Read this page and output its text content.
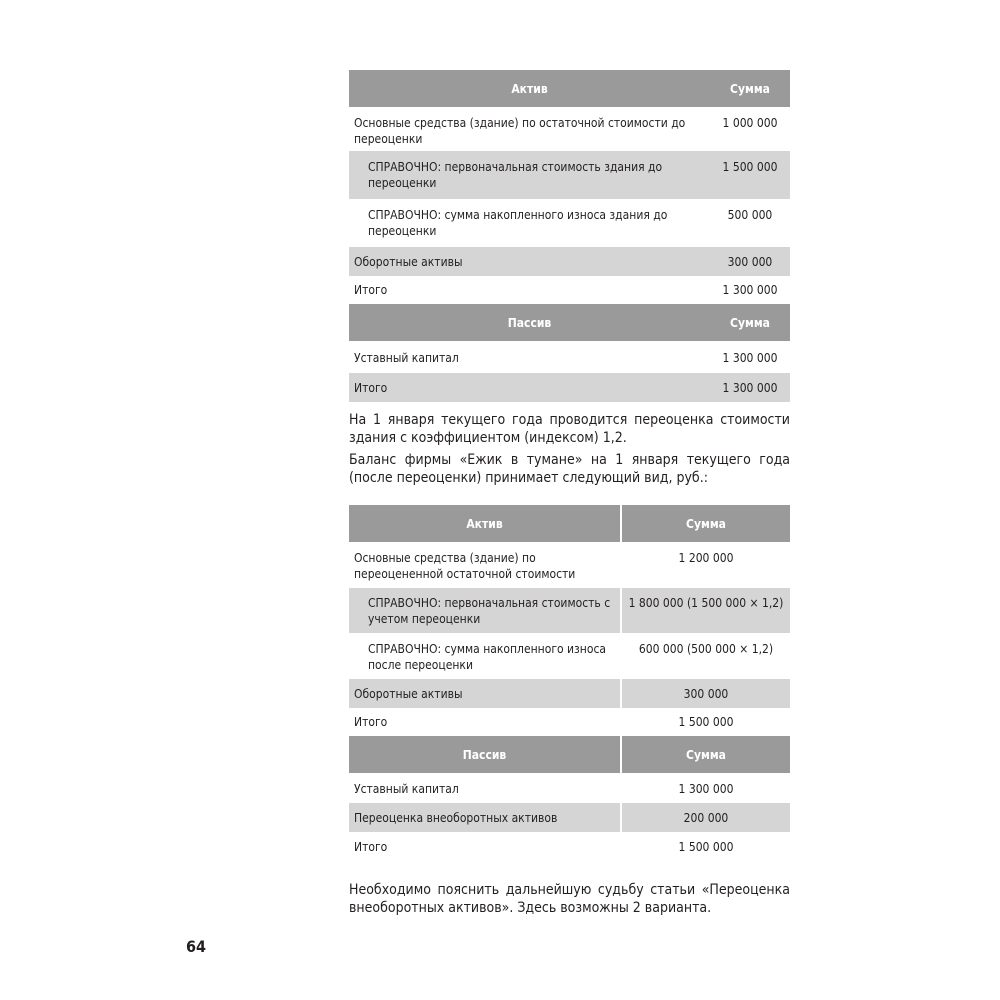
Актив	Сумма
Основные средства (здание) по остаточной стоимости до переоценки	1 000 000
СПРАВОЧНО: первоначальная стоимость здания до переоценки	1 500 000
СПРАВОЧНО: сумма накопленного износа здания до переоценки	500 000
Оборотные активы	300 000
Итого	1 300 000
Пассив	Сумма
Уставный капитал	1 300 000
Итого	1 300 000

На 1 января текущего года проводится переоценка стоимости здания с коэффициентом (индексом) 1,2.

Баланс фирмы «Ежик в тумане» на 1 января текущего года (после переоценки) принимает следующий вид, руб.:

Актив	Сумма
Основные средства (здание) по переоцененной остаточной стоимости	1 200 000
СПРАВОЧНО: первоначальная стоимость с учетом переоценки	1 800 000 (1 500 000 × 1,2)
СПРАВОЧНО: сумма накопленного износа после переоценки	600 000 (500 000 × 1,2)
Оборотные активы	300 000
Итого	1 500 000
Пассив	Сумма
Уставный капитал	1 300 000
Переоценка внеоборотных активов	200 000
Итого	1 500 000

Необходимо пояснить дальнейшую судьбу статьи «Переоценка внеоборотных активов». Здесь возможны 2 варианта.

64
